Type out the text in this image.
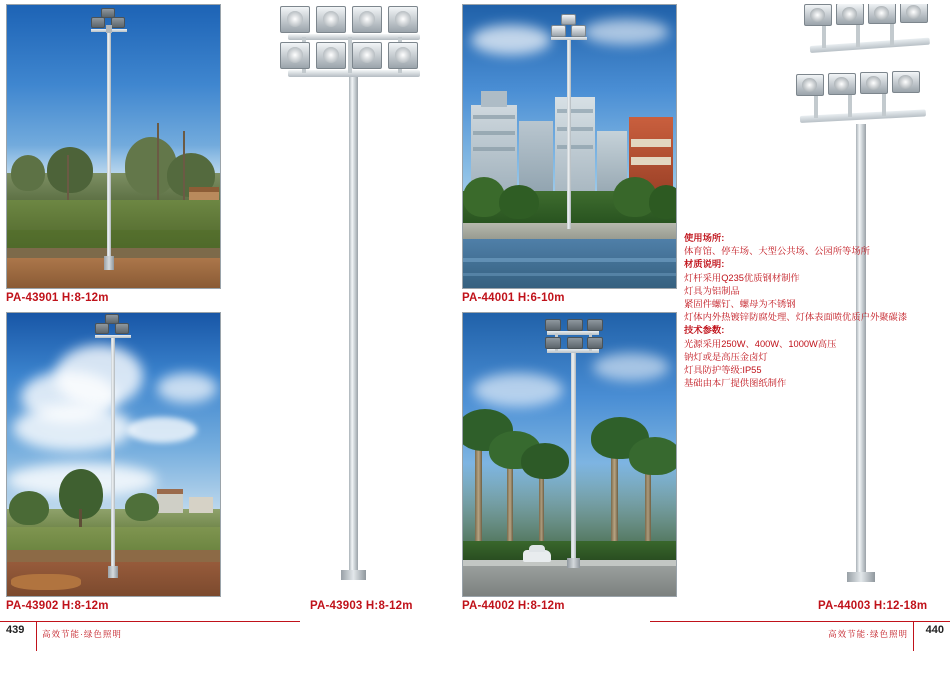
PA-43901 H:8-12m
PA-43902 H:8-12m	PA-43903 H:8-12m
PA-44001 H:6-10m
PA-44002 H:8-12m	PA-44003 H:12-18m
使用场所:
体育馆、停车场、大型公共场、公园所等场所
材质说明:
灯杆采用Q235优质钢材制作
灯具为铝制品
紧固件螺钉、螺母为不锈钢
灯体内外热镀锌防腐处理、灯体表面喷优质户外聚碳漆
技术参数:
光源采用250W、400W、1000W高压
钠灯或是高压金卤灯
灯具防护等级:IP55
基础由本厂提供图纸制作
439 高效节能·绿色照明	440
高效节能·绿色照明
